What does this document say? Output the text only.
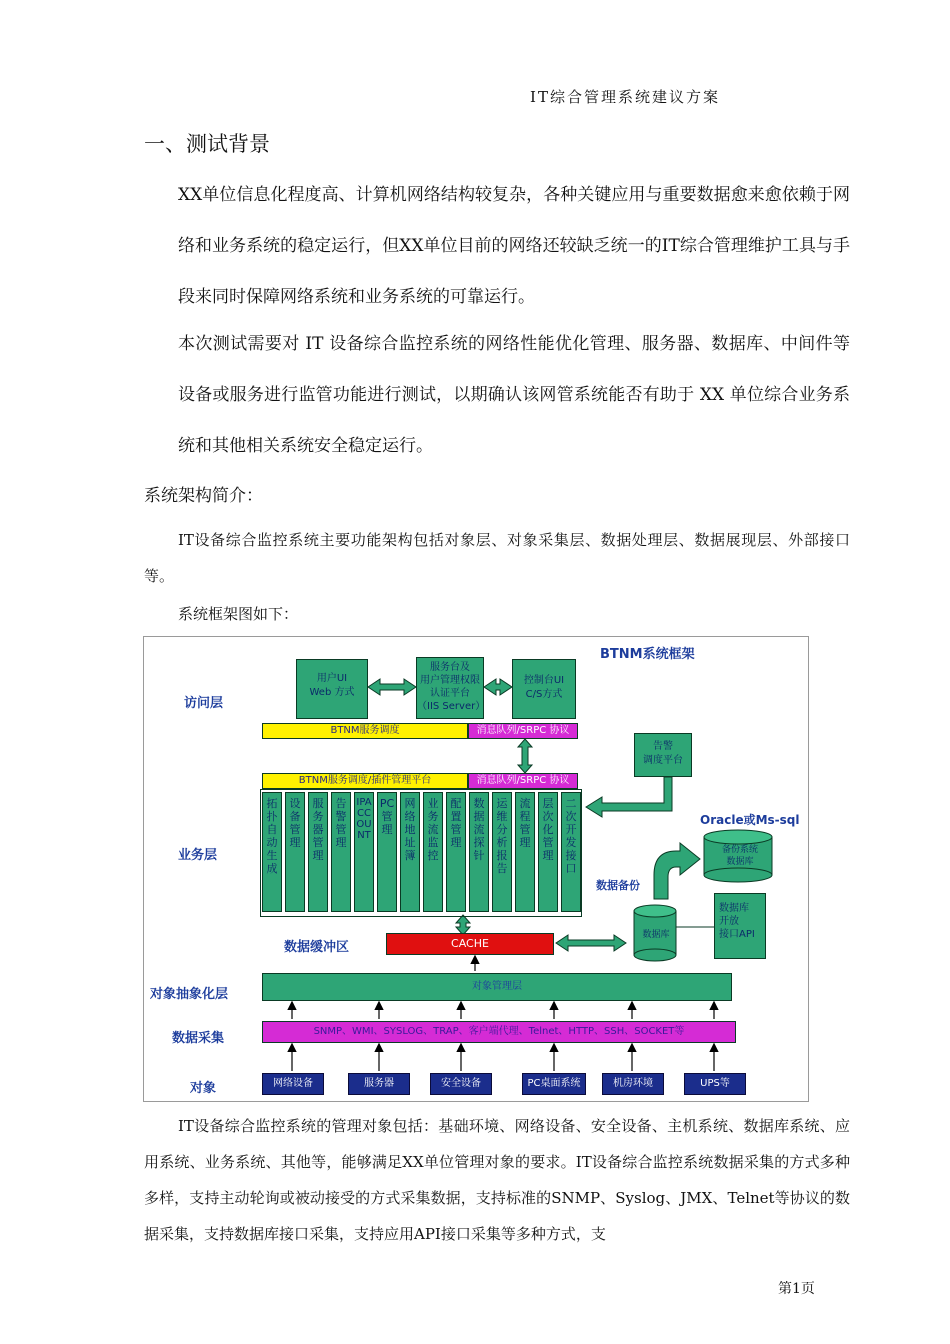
IT综合管理系统建议方案
一、测试背景
XX单位信息化程度高、计算机网络结构较复杂，各种关键应用与重要数据愈来愈依赖于网络和业务系统的稳定运行，但XX单位目前的网络还较缺乏统一的IT综合管理维护工具与手段来同时保障网络系统和业务系统的可靠运行。
本次测试需要对 IT 设备综合监控系统的网络性能优化管理、服务器、数据库、中间件等设备或服务进行监管功能进行测试，以期确认该网管系统能否有助于 XX 单位综合业务系统和其他相关系统安全稳定运行。
系统架构简介：
IT设备综合监控系统主要功能架构包括对象层、对象采集层、数据处理层、数据展现层、外部接口等。
系统框架图如下：
BTNM系统框架
访问层
业务层
数据缓冲区
对象抽象化层
数据采集
对象
用户UI
Web 方式
服务台及
用户管理权限
认证平台
（IIS Server）
控制台UI
C/S方式
BTNM服务调度	消息队列/SRPC 协议
BTNM服务调度/插件管理平台	消息队列/SRPC 协议
拓扑自动生成
设备管理
服务器管理
告警管理
IPACCOUNT
PC管理
网络地址簿
业务流监控
配置管理
数据流探针
运维分析报告
流程管理
层次化管理
二次开发接口
告警
调度平台
Oracle或Ms-sql
备份系统
数据库
数据备份
数据库
数据库
开放
接口API
CACHE
对象管理层
SNMP、WMI、SYSLOG、TRAP、客户端代理、Telnet、HTTP、SSH、SOCKET等
网络设备	服务器	安全设备	PC桌面系统	机房环境	UPS等
IT设备综合监控系统的管理对象包括：基础环境、网络设备、安全设备、主机系统、数据库系统、应用系统、业务系统、其他等，能够满足XX单位管理对象的要求。IT设备综合监控系统数据采集的方式多种多样，支持主动轮询或被动接受的方式采集数据，支持标准的SNMP、Syslog、JMX、Telnet等协议的数据采集，支持数据库接口采集，支持应用API接口采集等多种方式，支
第1页
